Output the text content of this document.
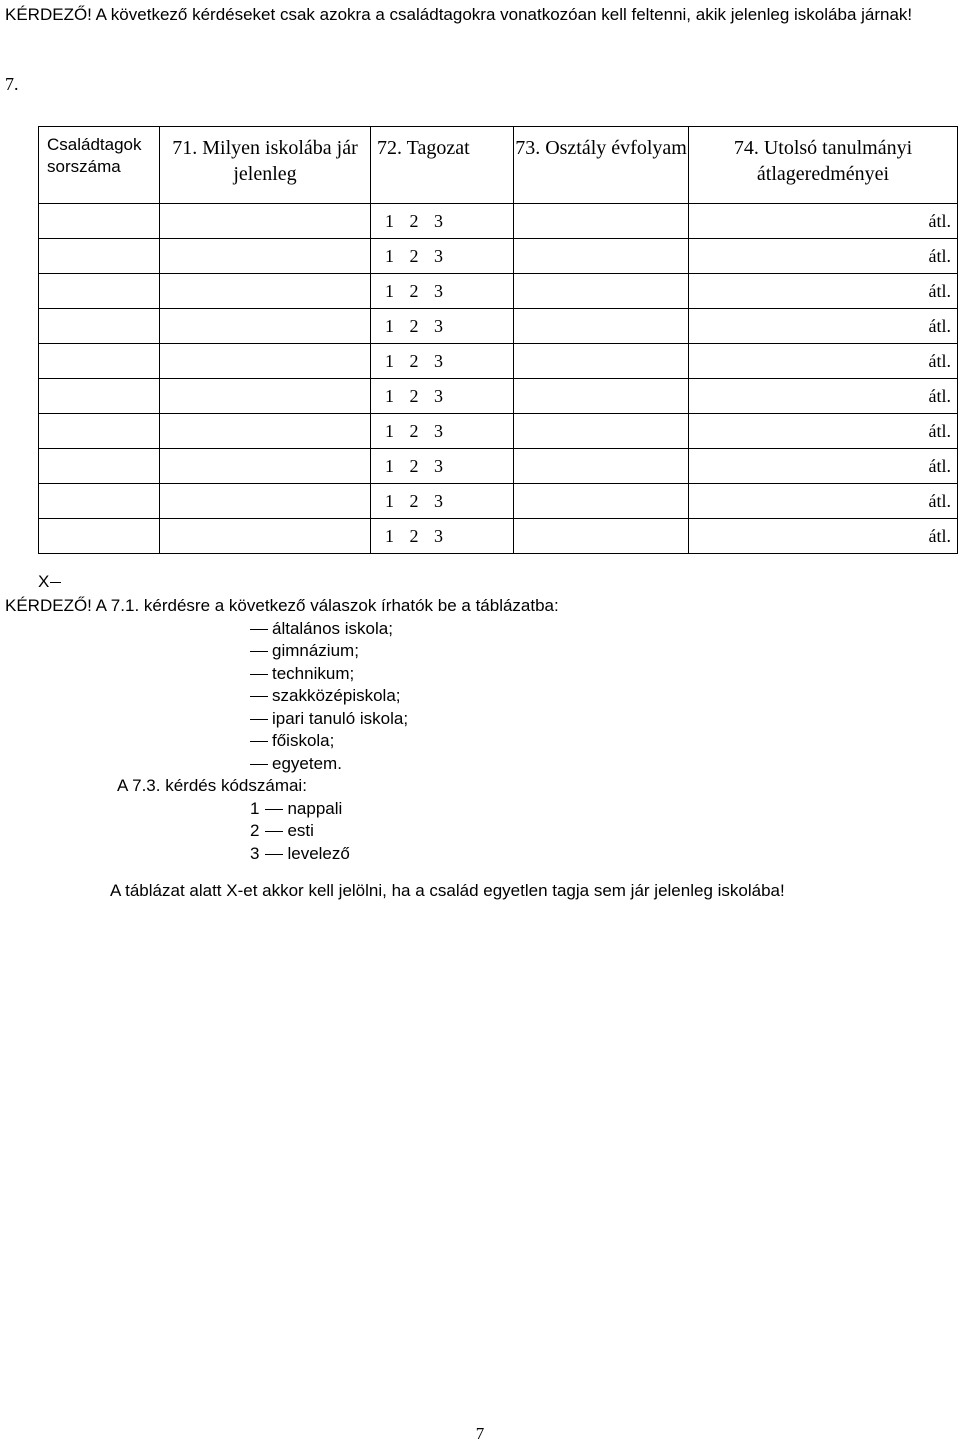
KÉRDEZŐ! A következő kérdéseket csak azokra a családtagokra vonatkozóan kell feltenni, akik jelenleg iskolába járnak!
7.
Családtagok sorszáma	71. Milyen iskolába jár jelenleg	72. Tagozat	73. Osztály évfolyam	74. Utolsó tanulmányi átlageredményei
		1 2 3		átl.
		1 2 3		átl.
		1 2 3		átl.
		1 2 3		átl.
		1 2 3		átl.
		1 2 3		átl.
		1 2 3		átl.
		1 2 3		átl.
		1 2 3		átl.
		1 2 3		átl.
X
KÉRDEZŐ! A 7.1. kérdésre a következő válaszok írhatók be a táblázatba:
általános iskola;
gimnázium;
technikum;
szakközépiskola;
ipari tanuló iskola;
főiskola;
egyetem.
A 7.3. kérdés kódszámai:
1 nappali
2 esti
3 levelező
A táblázat alatt X-et akkor kell jelölni, ha a család egyetlen tagja sem jár jelenleg iskolába!
7
